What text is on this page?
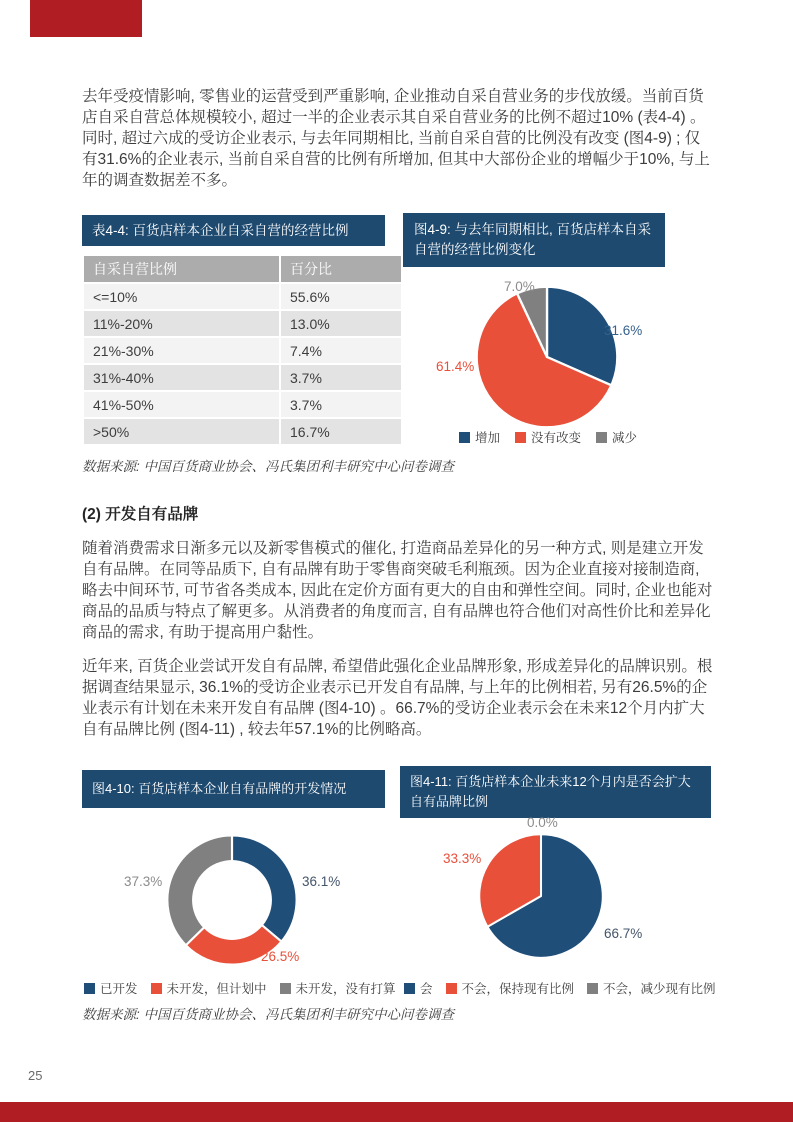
去年受疫情影响, 零售业的运营受到严重影响, 企业推动自采自营业务的步伐放缓。当前百货店自采自营总体规模较小, 超过一半的企业表示其自采自营业务的比例不超过10% (表4-4) 。同时, 超过六成的受访企业表示, 与去年同期相比, 当前自采自营的比例没有改变 (图4-9) ; 仅有31.6%的企业表示, 当前自采自营的比例有所增加, 但其中大部份企业的增幅少于10%, 与上年的调查数据差不多。

表4-4: 百货店样本企业自采自营的经营比例
自采自营比例	百分比
<=10%	55.6%
11%-20%	13.0%
21%-30%	7.4%
31%-40%	3.7%
41%-50%	3.7%
>50%	16.7%
数据来源: 中国百货商业协会、冯氏集团利丰研究中心问卷调查
图4-9: 与去年同期相比, 百货店样本自采自营的经营比例变化
7.0%
31.6%
61.4%
增加 没有改变 减少
(2) 开发自有品牌

随着消费需求日渐多元以及新零售模式的催化, 打造商品差异化的另一种方式, 则是建立开发自有品牌。在同等品质下, 自有品牌有助于零售商突破毛利瓶颈。因为企业直接对接制造商, 略去中间环节, 可节省各类成本, 因此在定价方面有更大的自由和弹性空间。同时, 企业也能对商品的品质与特点了解更多。从消费者的角度而言, 自有品牌也符合他们对高性价比和差异化商品的需求, 有助于提高用户黏性。

近年来, 百货企业尝试开发自有品牌, 希望借此强化企业品牌形象, 形成差异化的品牌识别。根据调查结果显示, 36.1%的受访企业表示已开发自有品牌, 与上年的比例相若, 另有26.5%的企业表示有计划在未来开发自有品牌 (图4-10) 。66.7%的受访企业表示会在未来12个月内扩大自有品牌比例 (图4-11) , 较去年57.1%的比例略高。

图4-10: 百货店样本企业自有品牌的开发情况
37.3%	36.1%
26.5%
已开发 未开发，但计划中 未开发，没有打算
图4-11: 百货店样本企业未来12个月内是否会扩大自有品牌比例
0.0%
33.3%
66.7%
会 不会，保持现有比例 不会，减少现有比例
数据来源: 中国百货商业协会、冯氏集团利丰研究中心问卷调查
25
